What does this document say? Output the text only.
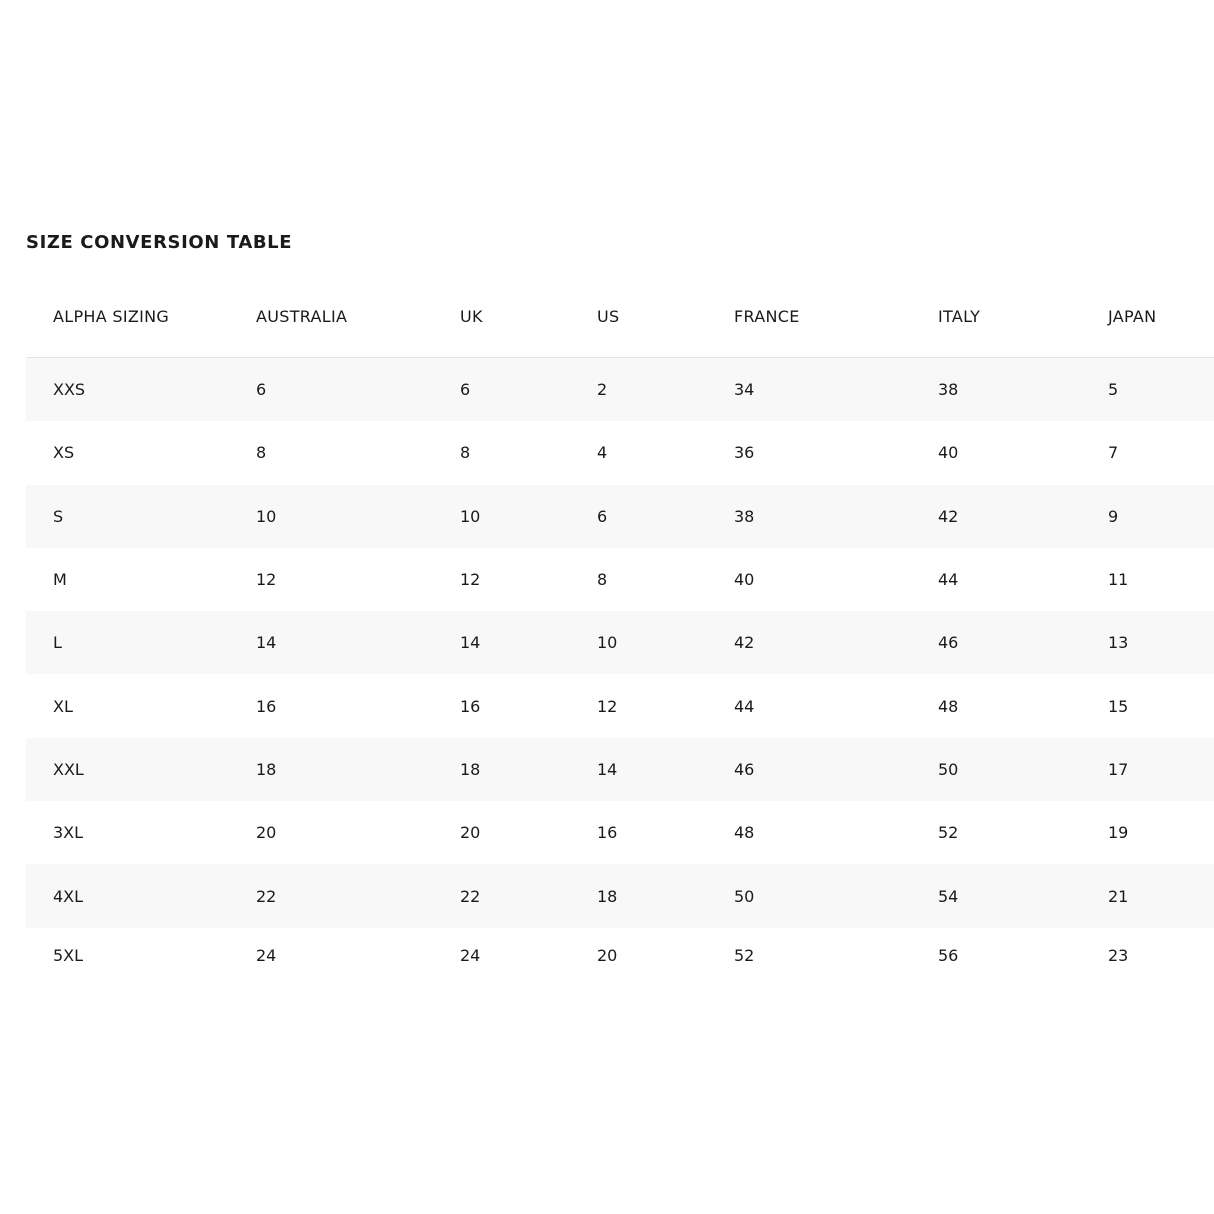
SIZE CONVERSION TABLE
ALPHA SIZING	AUSTRALIA	UK	US	FRANCE	ITALY	JAPAN
XXS	6	6	2	34	38	5
XS	8	8	4	36	40	7
S	10	10	6	38	42	9
M	12	12	8	40	44	11
L	14	14	10	42	46	13
XL	16	16	12	44	48	15
XXL	18	18	14	46	50	17
3XL	20	20	16	48	52	19
4XL	22	22	18	50	54	21
5XL	24	24	20	52	56	23
